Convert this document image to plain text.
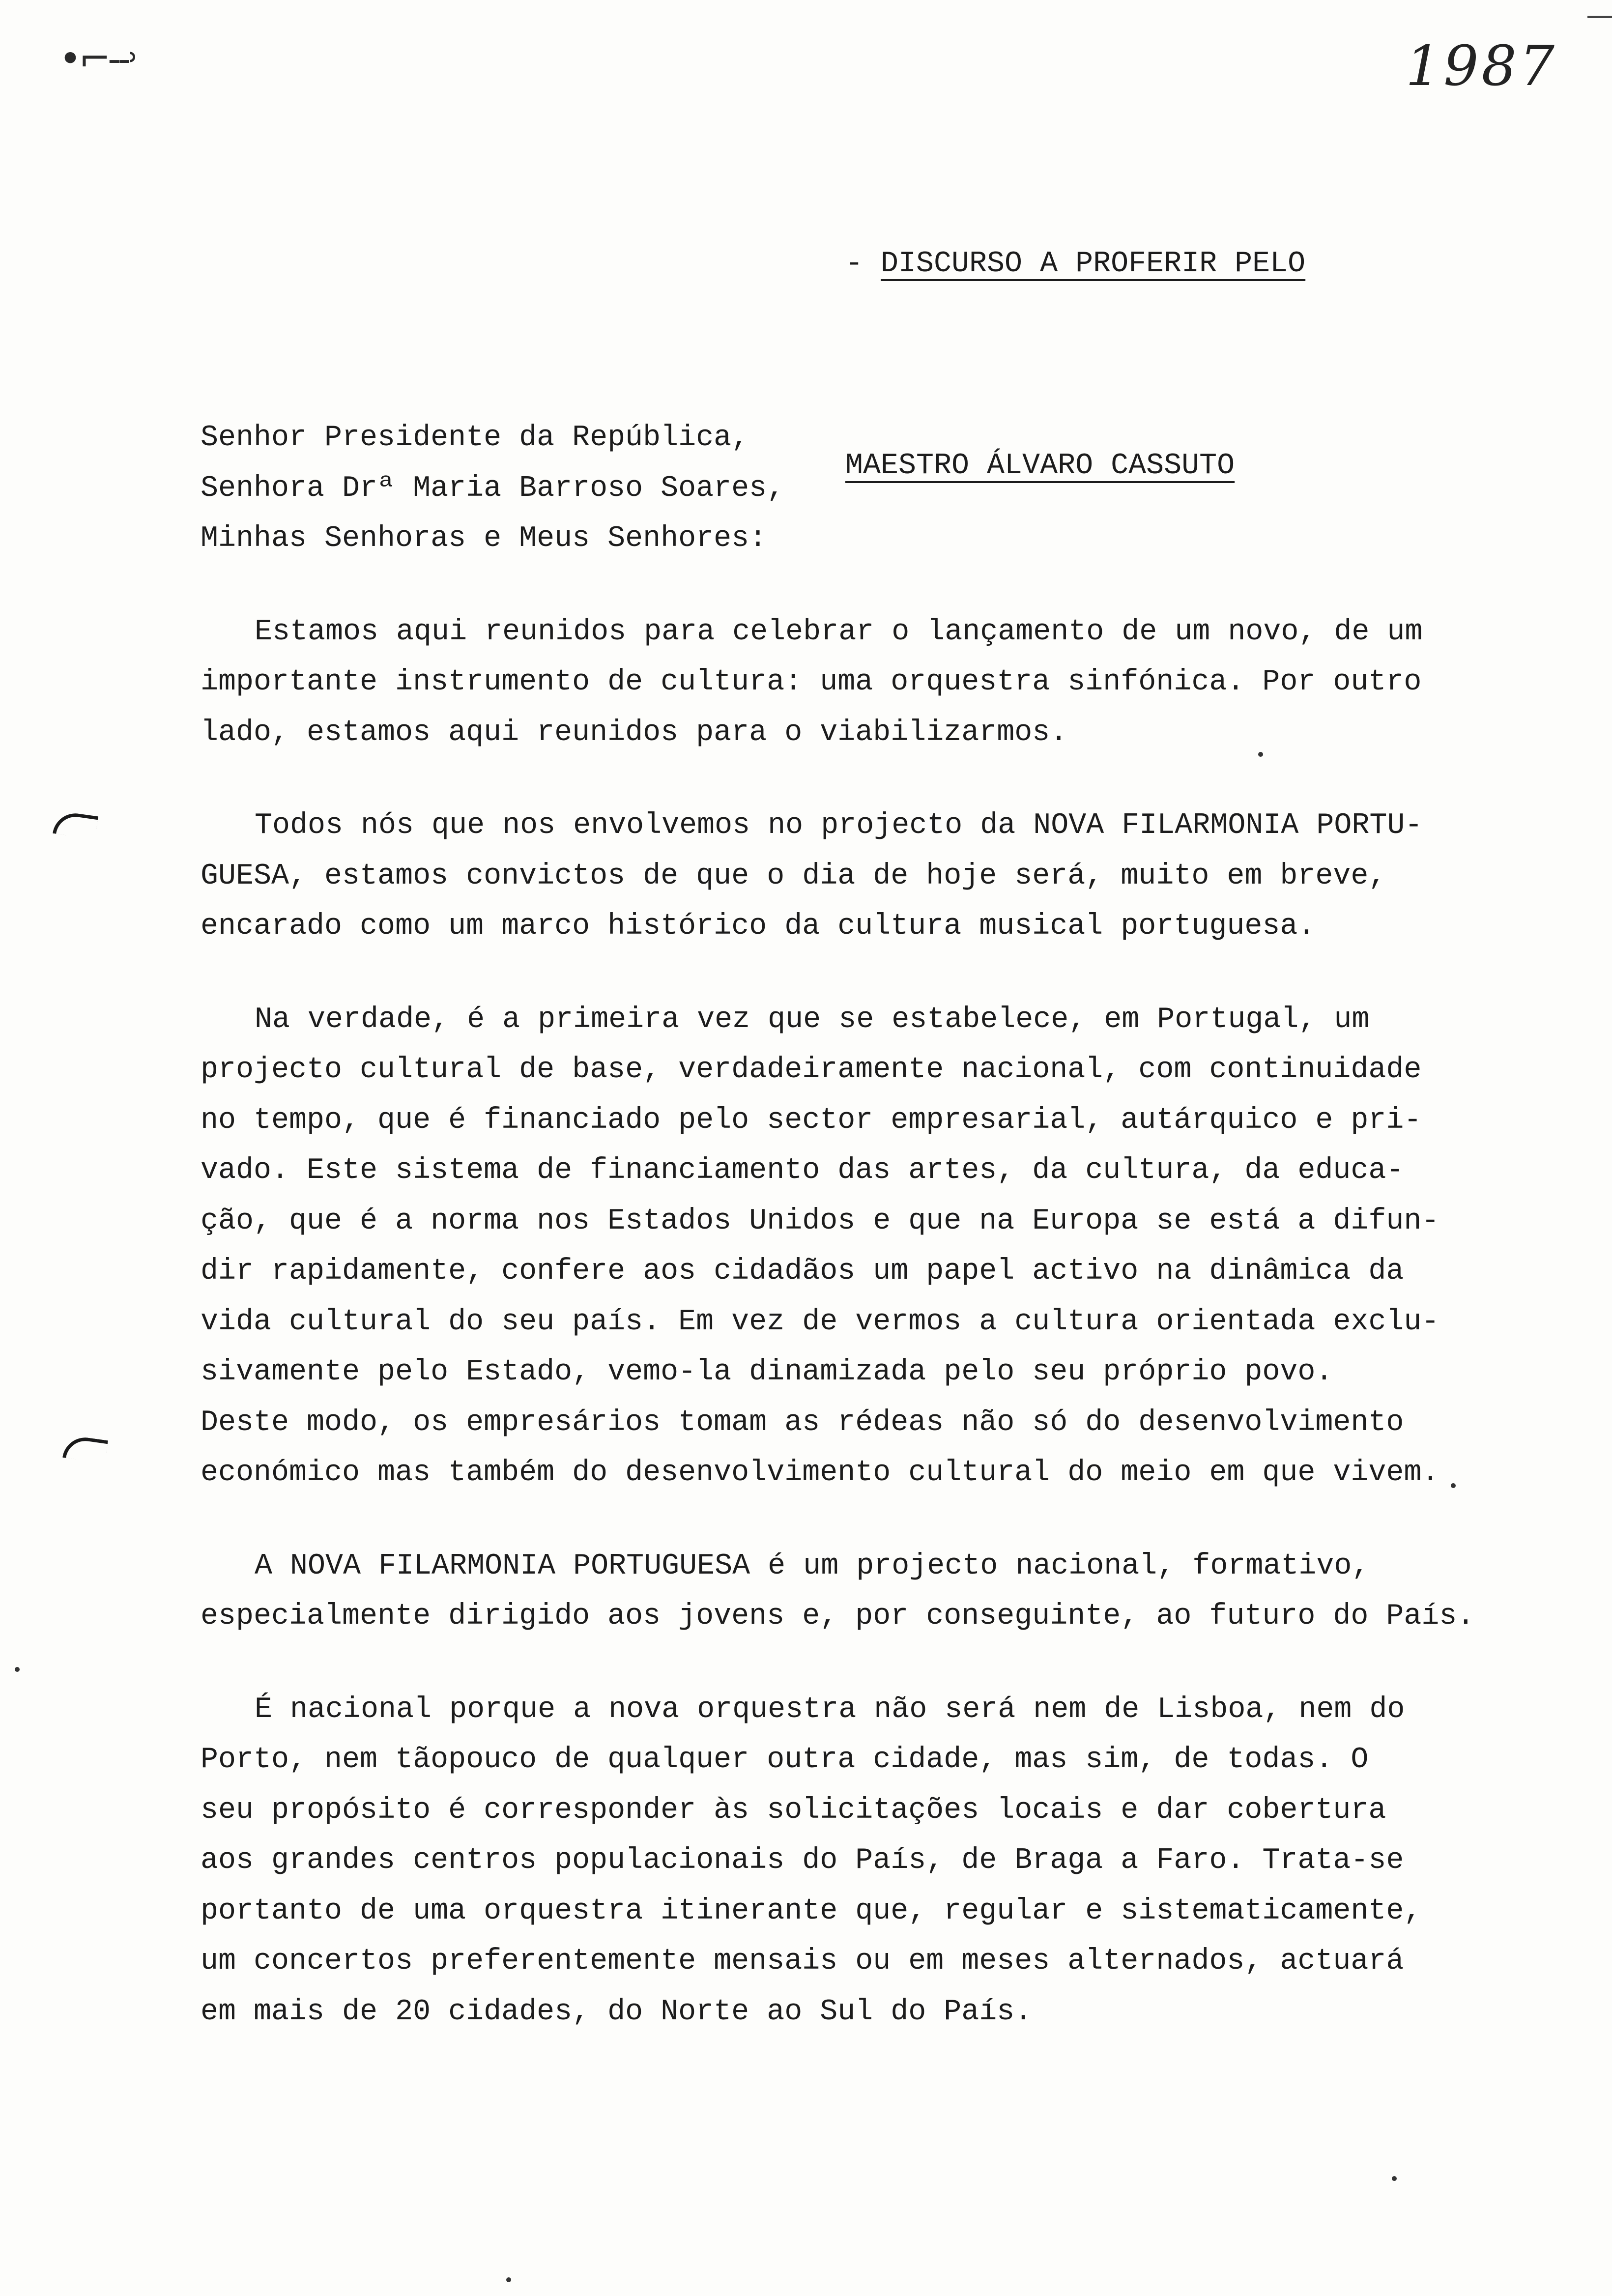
•⌐‐‐˒	1987

- DISCURSO A PROFERIR PELO

MAESTRO ÁLVARO CASSUTO

Senhor Presidente da República,
Senhora Drª Maria Barroso Soares,
Minhas Senhoras e Meus Senhores:
Estamos aqui reunidos para celebrar o lançamento de um novo, de um
importante instrumento de cultura: uma orquestra sinfónica. Por outro
lado, estamos aqui reunidos para o viabilizarmos.
Todos nós que nos envolvemos no projecto da NOVA FILARMONIA PORTU-
GUESA, estamos convictos de que o dia de hoje será, muito em breve,
encarado como um marco histórico da cultura musical portuguesa.
Na verdade, é a primeira vez que se estabelece, em Portugal, um
projecto cultural de base, verdadeiramente nacional, com continuidade
no tempo, que é financiado pelo sector empresarial, autárquico e pri-
vado. Este sistema de financiamento das artes, da cultura, da educa-
ção, que é a norma nos Estados Unidos e que na Europa se está a difun-
dir rapidamente, confere aos cidadãos um papel activo na dinâmica da
vida cultural do seu país. Em vez de vermos a cultura orientada exclu-
sivamente pelo Estado, vemo-la dinamizada pelo seu próprio povo.
Deste modo, os empresários tomam as rédeas não só do desenvolvimento
económico mas também do desenvolvimento cultural do meio em que vivem.
A NOVA FILARMONIA PORTUGUESA é um projecto nacional, formativo,
especialmente dirigido aos jovens e, por conseguinte, ao futuro do País.
É nacional porque a nova orquestra não será nem de Lisboa, nem do
Porto, nem tãopouco de qualquer outra cidade, mas sim, de todas. O
seu propósito é corresponder às solicitações locais e dar cobertura
aos grandes centros populacionais do País, de Braga a Faro. Trata-se
portanto de uma orquestra itinerante que, regular e sistematicamente,
um concertos preferentemente mensais ou em meses alternados, actuará
em mais de 20 cidades, do Norte ao Sul do País.
